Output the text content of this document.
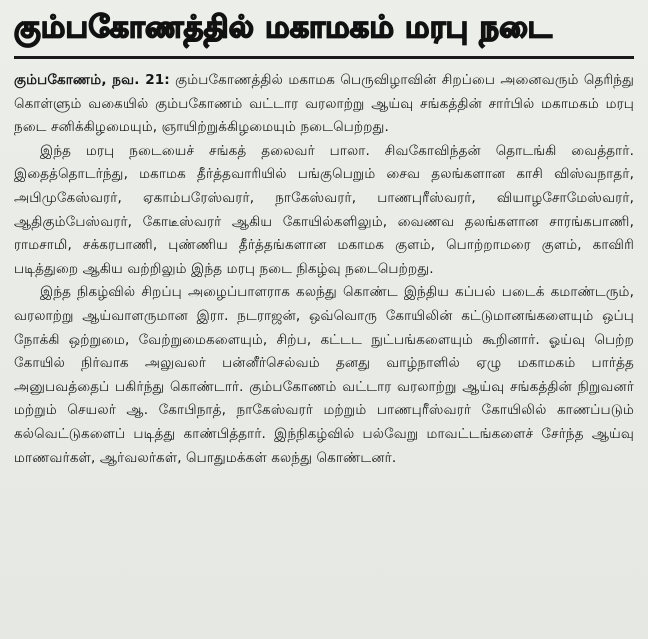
கும்பகோணத்தில் மகாமகம் மரபு நடை

கும்பகோணம், நவ. 21: கும்பகோணத்தில் மகாமக பெருவிழாவின் சிறப்பை அனைவரும் தெரிந்து கொள்ளும் வகையில் கும்பகோணம் வட்டார வரலாற்று ஆய்வு சங்கத்தின் சார்பில் மகாமகம் மரபு நடை சனிக்கிழமையும், ஞாயிற்றுக்கிழமையும் நடைபெற்றது.

இந்த மரபு நடையைச் சங்கத் தலைவர் பாலா. சிவகோவிந்தன் தொடங்கி வைத்தார். இதைத்தொடர்ந்து, மகாமக தீர்த்தவாரியில் பங்குபெறும் சைவ தலங்களான காசி விஸ்வநாதர், அபிமுகேஸ்வரர், ஏகாம்பரேஸ்வரர், நாகேஸ்வரர், பாணபுரீஸ்வரர், வியாழசோமேஸ்வரர், ஆதிகும்பேஸ்வரர், கோடீஸ்வரர் ஆகிய கோயில்களிலும், வைணவ தலங்களான சாரங்கபாணி, ராமசாமி, சக்கரபாணி, புண்ணிய தீர்த்தங்களான மகாமக குளம், பொற்றாமரை குளம், காவிரி படித்துறை ஆகிய வற்றிலும் இந்த மரபு நடை நிகழ்வு நடைபெற்றது.

இந்த நிகழ்வில் சிறப்பு அழைப்பாளராக கலந்து கொண்ட இந்திய கப்பல் படைக் கமாண்டரும், வரலாற்று ஆய்வாளருமான இரா. நடராஜன், ஒவ்வொரு கோயிலின் கட்டுமானங்களையும் ஒப்பு நோக்கி ஒற்றுமை, வேற்றுமைகளையும், சிற்ப, கட்டட நுட்பங்களையும் கூறினார். ஓய்வு பெற்ற கோயில் நிர்வாக அலுவலர் பன்னீர்செல்வம் தனது வாழ்நாளில் ஏழு மகாமகம் பார்த்த அனுபவத்தைப் பகிர்ந்து கொண்டார். கும்பகோணம் வட்டார வரலாற்று ஆய்வு சங்கத்தின் நிறுவனர் மற்றும் செயலர் ஆ. கோபிநாத், நாகேஸ்வரர் மற்றும் பாணபுரீஸ்வரர் கோயிலில் காணப்படும் கல்வெட்டுகளைப் படித்து காண்பித்தார். இந்நிகழ்வில் பல்வேறு மாவட்டங்களைச் சேர்ந்த ஆய்வு மாணவர்கள், ஆர்வலர்கள், பொதுமக்கள் கலந்து கொண்டனர்.
